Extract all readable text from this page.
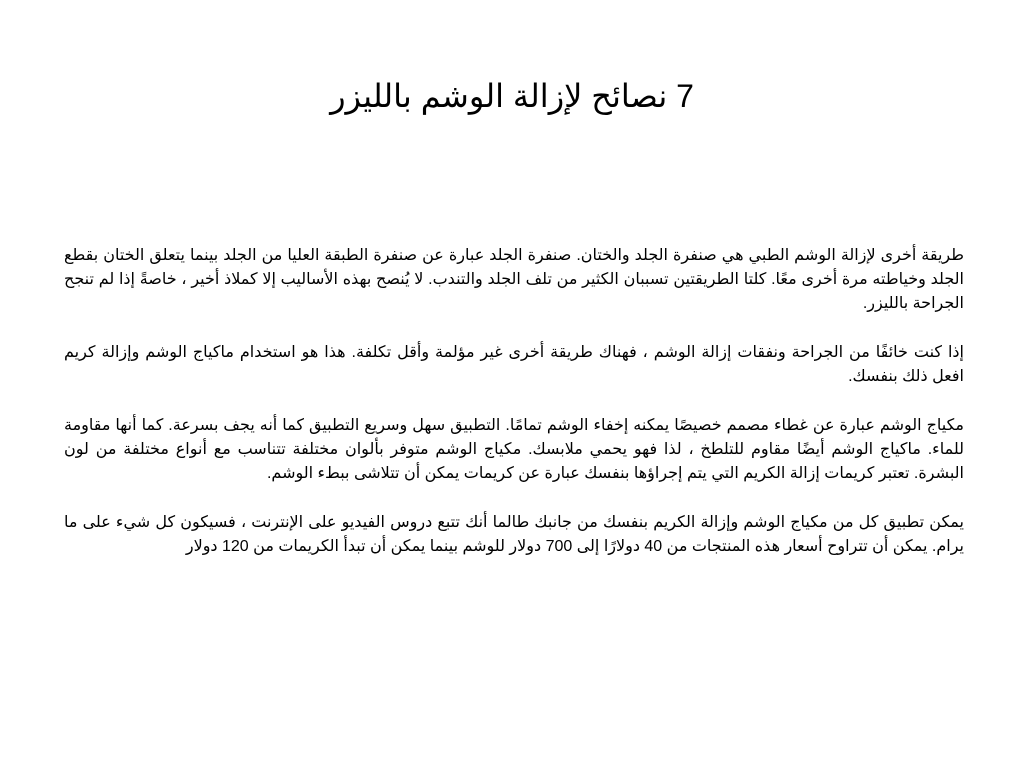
7 نصائح لإزالة الوشم بالليزر

طريقة أخرى لإزالة الوشم الطبي هي صنفرة الجلد والختان. صنفرة الجلد عبارة عن صنفرة الطبقة العليا من الجلد بينما يتعلق الختان بقطع الجلد وخياطته مرة أخرى معًا. كلتا الطريقتين تسببان الكثير من تلف الجلد والتندب. لا يُنصح بهذه الأساليب إلا كملاذ أخير ، خاصةً إذا لم تنجح الجراحة بالليزر.

إذا كنت خائفًا من الجراحة ونفقات إزالة الوشم ، فهناك طريقة أخرى غير مؤلمة وأقل تكلفة. هذا هو استخدام ماكياج الوشم وإزالة كريم افعل ذلك بنفسك.

مكياج الوشم عبارة عن غطاء مصمم خصيصًا يمكنه إخفاء الوشم تمامًا. التطبيق سهل وسريع التطبيق كما أنه يجف بسرعة. كما أنها مقاومة للماء. ماكياج الوشم أيضًا مقاوم للتلطخ ، لذا فهو يحمي ملابسك. مكياج الوشم متوفر بألوان مختلفة تتناسب مع أنواع مختلفة من لون البشرة. تعتبر كريمات إزالة الكريم التي يتم إجراؤها بنفسك عبارة عن كريمات يمكن أن تتلاشى ببطء الوشم.

يمكن تطبيق كل من مكياج الوشم وإزالة الكريم بنفسك من جانبك طالما أنك تتبع دروس الفيديو على الإنترنت ، فسيكون كل شيء على ما يرام. يمكن أن تتراوح أسعار هذه المنتجات من 40 دولارًا إلى 700 دولار للوشم بينما يمكن أن تبدأ الكريمات من 120 دولار
